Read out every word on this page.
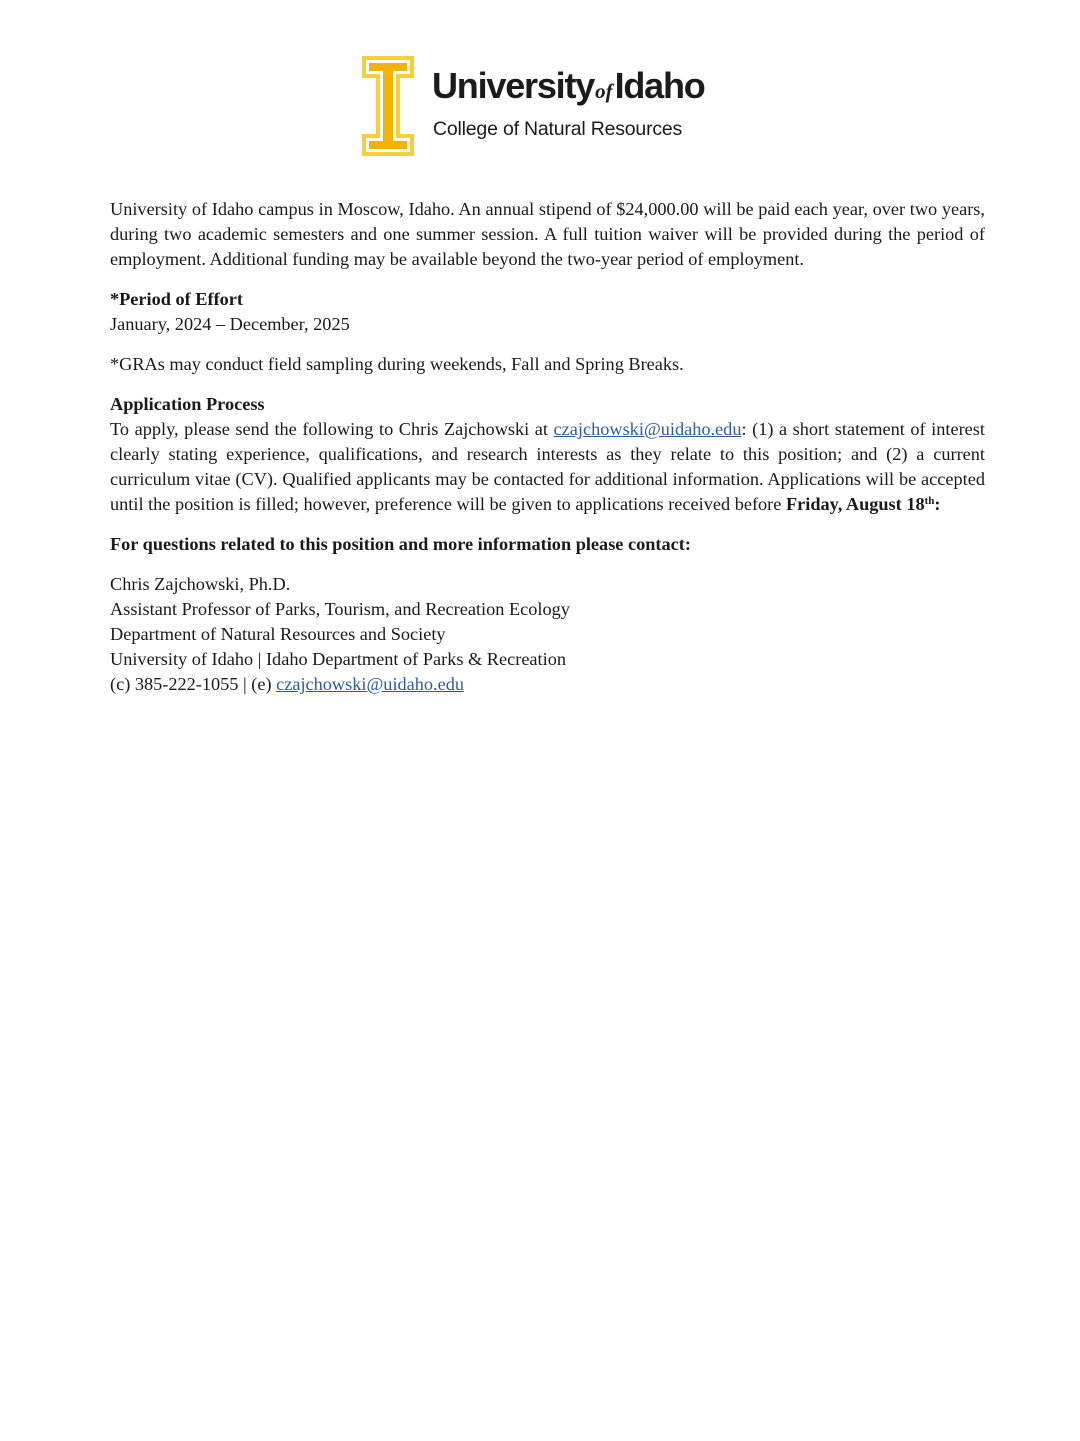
UniversityofIdaho
College of Natural Resources

University of Idaho campus in Moscow, Idaho. An annual stipend of $24,000.00 will be paid each year, over two years, during two academic semesters and one summer session. A full tuition waiver will be provided during the period of employment. Additional funding may be available beyond the two-year period of employment.

*Period of Effort
January, 2024 – December, 2025

*GRAs may conduct field sampling during weekends, Fall and Spring Breaks.

Application Process

To apply, please send the following to Chris Zajchowski at czajchowski@uidaho.edu: (1) a short statement of interest clearly stating experience, qualifications, and research interests as they relate to this position; and (2) a current curriculum vitae (CV). Qualified applicants may be contacted for additional information. Applications will be accepted until the position is filled; however, preference will be given to applications received before Friday, August 18th:

For questions related to this position and more information please contact:

Chris Zajchowski, Ph.D.
Assistant Professor of Parks, Tourism, and Recreation Ecology
Department of Natural Resources and Society
University of Idaho | Idaho Department of Parks & Recreation
(c) 385-222-1055 | (e) czajchowski@uidaho.edu
